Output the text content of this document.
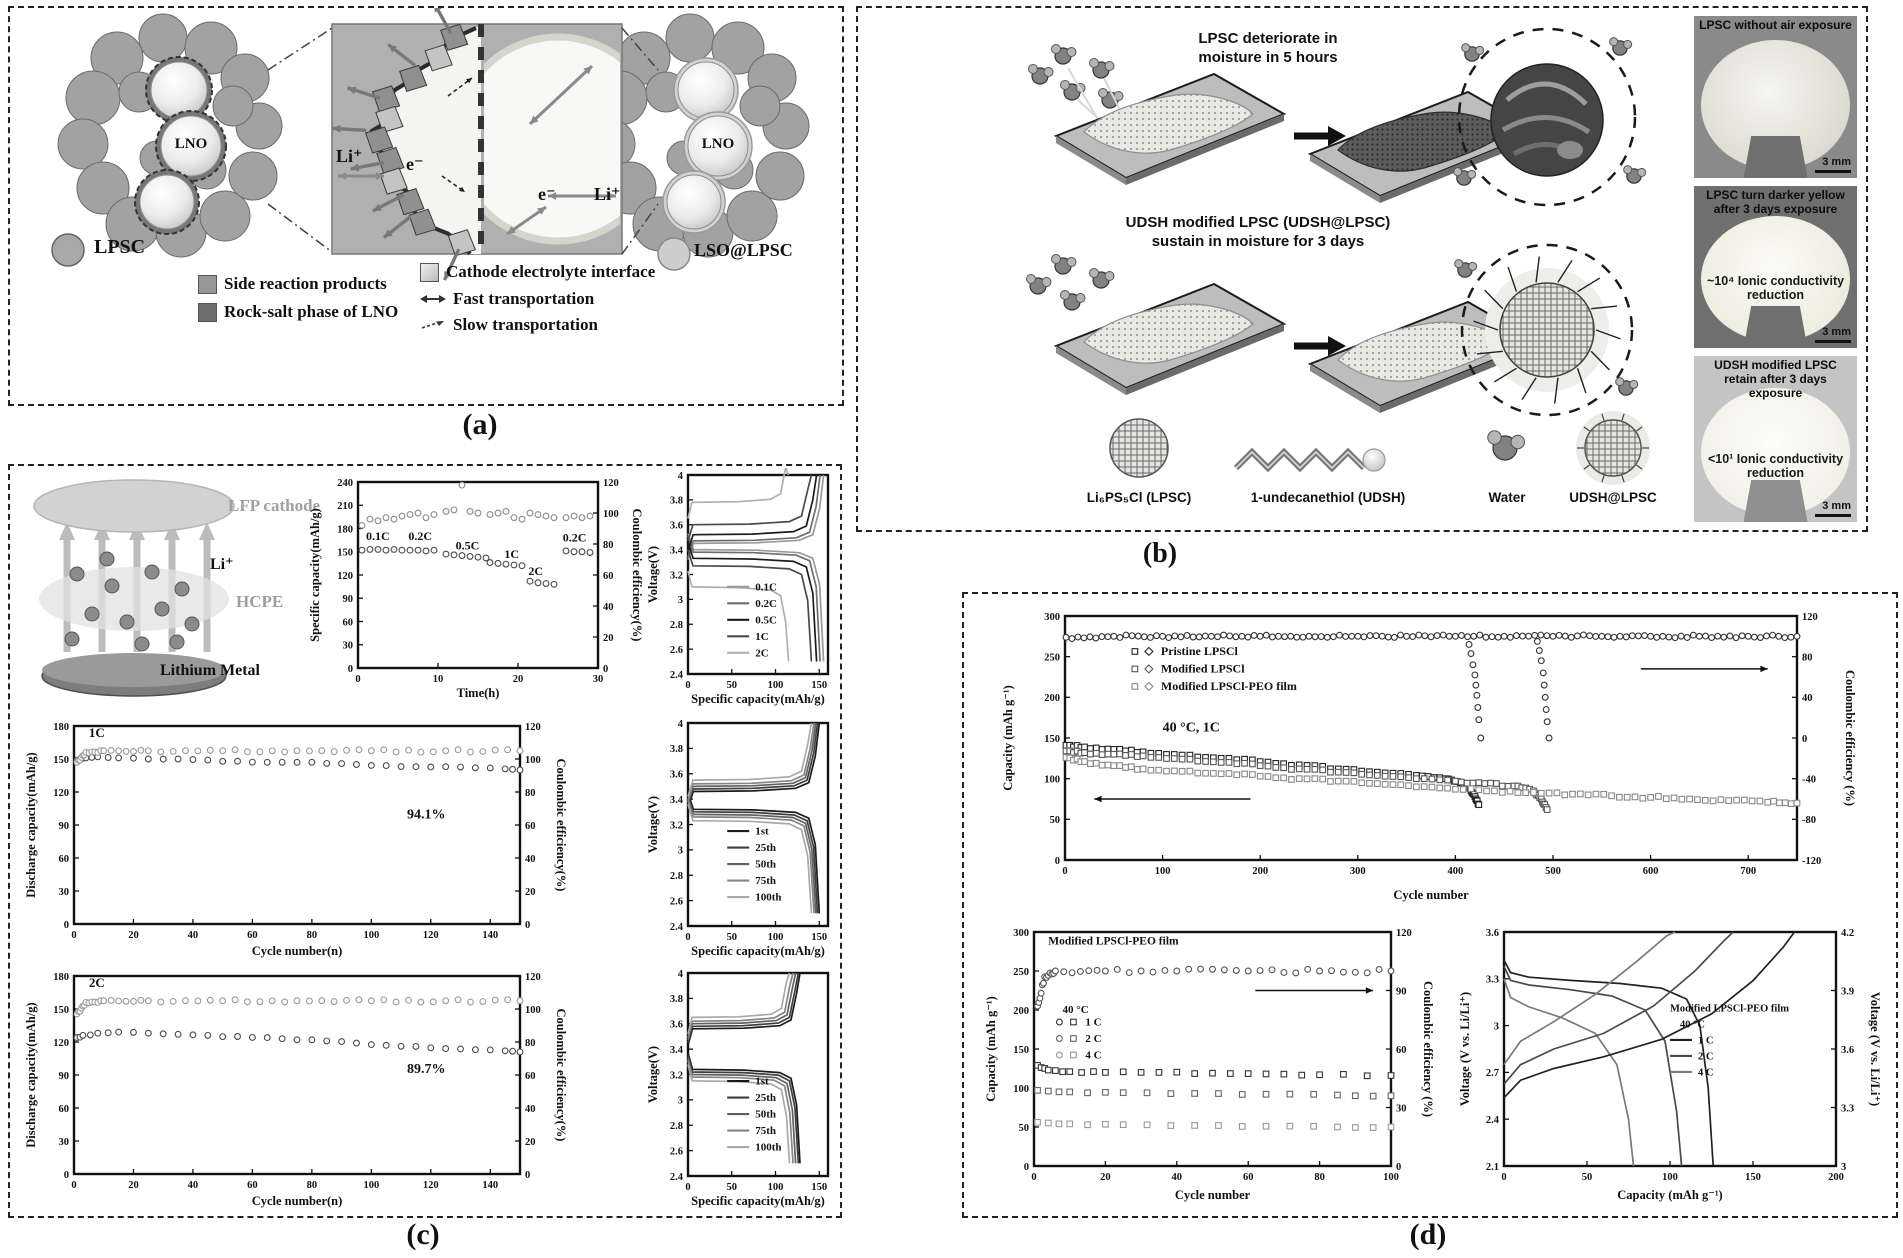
LNO	LNO
Li⁺ e⁻
e⁻ Li⁺
LPSC	LSO@LPSC
Side reaction products
Rock-salt phase of LNO
Cathode electrolyte interface
Fast transportation
Slow transportation
(a)
LPSC deteriorate in
moisture in 5 hours
UDSH modified LPSC (UDSH@LPSC)
sustain in moisture for 3 days
Li₆PS₅Cl (LPSC)	1-undecanethiol (UDSH)	Water	UDSH@LPSC
LPSC without air exposure
3 mm
LPSC turn darker yellow after 3 days exposure
~10⁴ Ionic conductivity reduction
3 mm
UDSH modified LPSC retain after 3 days exposure
<10¹ Ionic conductivity reduction
3 mm
(b)
LFP cathode
Li⁺
HCPE
Lithium Metal
0	10	20	30
0
30
60
90
120
150
180
210
240
0
20
40
60
80
100
120
Time(h)
Specific capacity(mAh/g)	Coulombic efficiency(%)
0.1C 0.2C
0.5C
1C
2C
0.2C
0	50	100	150
2.4
2.6
2.8
3
3.2
3.4
3.6
3.8
4
Specific capacity(mAh/g)
Voltage(V)	0.1C
0.2C
0.5C
1C
2C
0	20	40	60	80	100	120	140
0
30
60
90
120
150
180
0
20
40
60
80
100
120
Cycle number(n)
Discharge capacity(mAh/g)	Coulombic efficiency(%)
1C
94.1%
0	50	100	150
2.4
2.6
2.8
3
3.2
3.4
3.6
3.8
4
Specific capacity(mAh/g)
Voltage(V)	1st
25th
50th
75th
100th
0	20	40	60	80	100	120	140
0
30
60
90
120
150
180
0
20
40
60
80
100
120
Cycle number(n)
Discharge capacity(mAh/g)	Coulombic efficiency(%)
2C
89.7%
0	50	100	150
2.4
2.6
2.8
3
3.2
3.4
3.6
3.8
4
Specific capacity(mAh/g)
Voltage(V)	1st
25th
50th
75th
100th
(c)
0	100	200	300	400	500	600	700
0
50
100
150
200
250
300
-120
-80
-40
0
40
80
120
Cycle number
Capacity (mAh g⁻¹)	Coulombic efficiency (%)
Pristine LPSCl
Modified LPSCl
Modified LPSCl-PEO film
40 °C, 1C
0	20	40	60	80	100
0
50
100
150
200
250
300
0
30
60
90
120
Cycle number
Capacity (mAh g⁻¹)	Coulombic efficiency (%)
1 C
2 C
4 C
Modified LPSCl-PEO film
40 °C
0	50	100	150	200
2.1
2.4
2.7
3
3.3
3.6
3
3.3
3.6
3.9
4.2
Capacity (mAh g⁻¹)
Voltage (V vs. Li/Li⁺)	Voltage (V vs. Li/Li⁺)
Modified LPSCl-PEO film
40 °C
1 C
2 C
4 C
(d)
